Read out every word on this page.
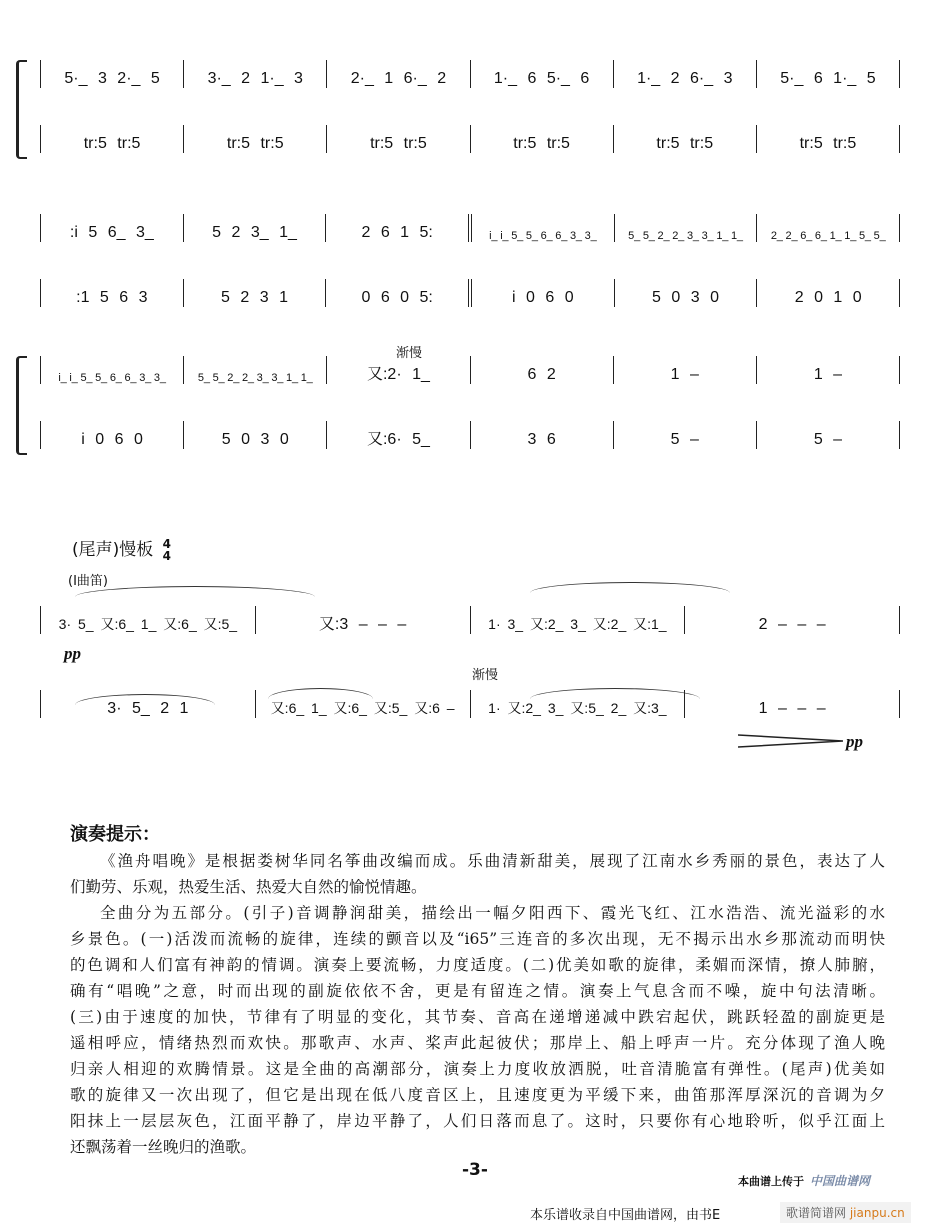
5·_ 3 2·_ 5	3·_ 2 1·_ 3	2·_ 1 6·_ 2	1·_ 6 5·_ 6	1·_ 2 6·_ 3	5·_ 6 1·_ 5
tr:5 tr:5	tr:5 tr:5	tr:5 tr:5	tr:5 tr:5	tr:5 tr:5	tr:5 tr:5
:i 5 6_ 3_	5 2 3_ 1_	2 6 1 5:	i_ i_ 5_ 5_ 6_ 6_ 3_ 3_	5_ 5_ 2_ 2_ 3_ 3_ 1_ 1_	2_ 2_ 6_ 6_ 1_ 1_ 5_ 5_
:1 5 6 3	5 2 3 1	0 6 0 5:	i 0 6 0	5 0 3 0	2 0 1 0
i_ i_ 5_ 5_ 6_ 6_ 3_ 3_	5_ 5_ 2_ 2_ 3_ 3_ 1_ 1_	又:2· 1_	6 2	1 –	1 –
i 0 6 0	5 0 3 0	又:6· 5_	3 6	5 –	5 –
3· 5_ 又:6_ 1_ 又:6_ 又:5_	又:3 – – –	1· 3_ 又:2_ 3_ 又:2_ 又:1_	2 – – –
3· 5_ 2 1	又:6_ 1_ 又:6_ 又:5_ 又:6 –	1· 又:2_ 3_ 又:5_ 2_ 又:3_	1 – – –
渐慢
(尾声)慢板 4
4
(I曲笛)
pp
渐慢
pp
演奏提示：
《渔舟唱晚》是根据娄树华同名筝曲改编而成。乐曲清新甜美，展现了江南水乡秀丽的景色，表达了人
们勤劳、乐观，热爱生活、热爱大自然的愉悦情趣。
全曲分为五部分。(引子)音调静润甜美，描绘出一幅夕阳西下、霞光飞红、江水浩浩、流光溢彩的水
乡景色。(一)活泼而流畅的旋律，连续的颤音以及“i65”三连音的多次出现，无不揭示出水乡那流动而明快
的色调和人们富有神韵的情调。演奏上要流畅，力度适度。(二)优美如歌的旋律，柔媚而深情，撩人肺腑，
确有“唱晚”之意，时而出现的副旋依依不舍，更是有留连之情。演奏上气息含而不噪，旋中句法清晰。
(三)由于速度的加快，节律有了明显的变化，其节奏、音高在递增递减中跌宕起伏，跳跃轻盈的副旋更是
遥相呼应，情绪热烈而欢快。那歌声、水声、桨声此起彼伏；那岸上、船上呼声一片。充分体现了渔人晚
归亲人相迎的欢腾情景。这是全曲的高潮部分，演奏上力度收放洒脱，吐音清脆富有弹性。(尾声)优美如
歌的旋律又一次出现了，但它是出现在低八度音区上，且速度更为平缓下来，曲笛那浑厚深沉的音调为夕
阳抹上一层层灰色，江面平静了，岸边平静了，人们日落而息了。这时，只要你有心地聆听，似乎江面上
还飘荡着一丝晚归的渔歌。
-3-
本曲谱上传于 中国曲谱网
本乐谱收录自中国曲谱网，由书E	歌谱简谱网 jianpu.cn
